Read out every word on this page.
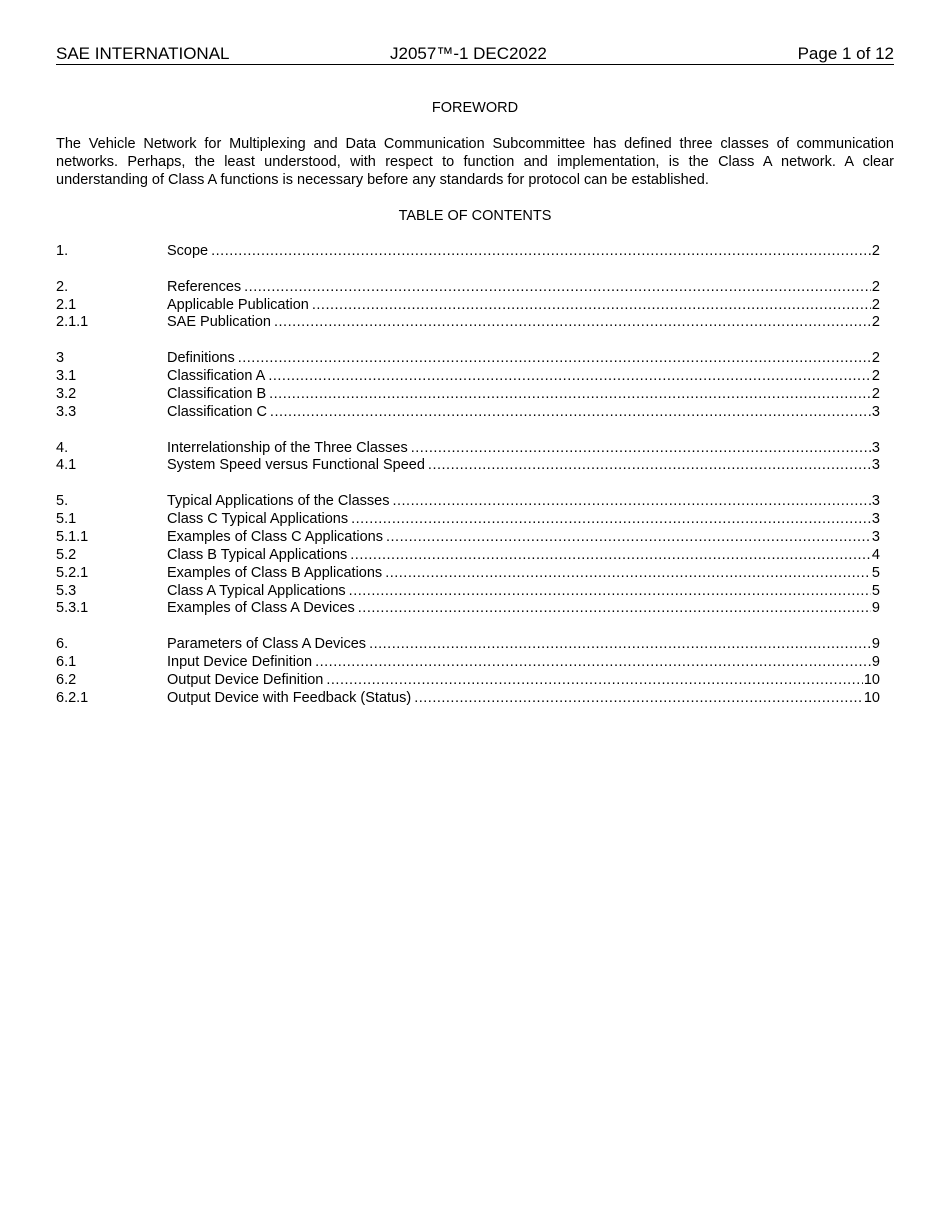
SAE INTERNATIONAL	J2057™-1 DEC2022	Page 1 of 12
FOREWORD
The Vehicle Network for Multiplexing and Data Communication Subcommittee has defined three classes of communication networks. Perhaps, the least understood, with respect to function and implementation, is the Class A network. A clear understanding of Class A functions is necessary before any standards for protocol can be established.
TABLE OF CONTENTS
1.	Scope .....	2
2.	References .....	2
2.1	Applicable Publication .....	2
2.1.1	SAE Publication .....	2
3	Definitions .....	2
3.1	Classification A .....	2
3.2	Classification B .....	2
3.3	Classification C .....	3
4.	Interrelationship of the Three Classes .....	3
4.1	System Speed versus Functional Speed .....	3
5.	Typical Applications of the Classes .....	3
5.1	Class C Typical Applications .....	3
5.1.1	Examples of Class C Applications .....	3
5.2	Class B Typical Applications .....	4
5.2.1	Examples of Class B Applications .....	5
5.3	Class A Typical Applications .....	5
5.3.1	Examples of Class A Devices .....	9
6.	Parameters of Class A Devices .....	9
6.1	Input Device Definition .....	9
6.2	Output Device Definition .....	10
6.2.1	Output Device with Feedback (Status) .....	10
